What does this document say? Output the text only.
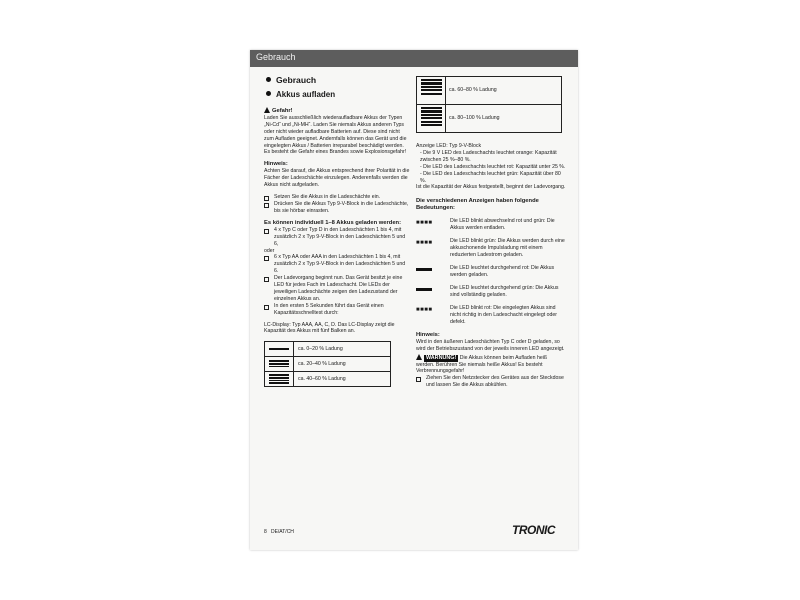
Gebrauch
Gebrauch
Akkus aufladen
Gefahr!

Laden Sie ausschließlich wiederaufladbare Akkus der Typen „Ni-Cd“ und „Ni-MH“. Laden Sie niemals Akkus anderen Typs oder nicht wieder aufladbare Batterien auf. Diese sind nicht zum Aufladen geeignet. Andernfalls können das Gerät und die eingelegten Akkus / Batterien irreparabel beschädigt werden. Es besteht die Gefahr eines Brandes sowie Explosionsgefahr!

Hinweis:

Achten Sie darauf, die Akkus entsprechend ihrer Polarität in die Fächer der Ladeschächte einzulegen. Anderenfalls werden die Akkus nicht aufgeladen.

Setzen Sie die Akkus in die Ladeschächte ein.
Drücken Sie die Akkus Typ 9-V-Block in die Ladeschächte, bis sie hörbar einrasten.
Es können individuell 1–8 Akkus geladen werden:
4 x Typ C oder Typ D in den Ladeschächten 1 bis 4, mit zusätzlich 2 x Typ 9-V-Block in den Ladeschächten 5 und 6,

oder

6 x Typ AA oder AAA in den Ladeschächten 1 bis 4, mit zusätzlich 2 x Typ 9-V-Block in den Ladeschächten 5 und 6.
Der Ladevorgang beginnt nun. Das Gerät besitzt je eine LED für jedes Fach im Ladeschacht. Die LEDs der jeweiligen Ladeschächte zeigen den Ladezustand der einzelnen Akkus an.
In den ersten 5 Sekunden führt das Gerät einen Kapazitätsschnelltest durch:

LC-Display: Typ AAA, AA, C, D. Das LC-Display zeigt die Kapazität des Akkus mit fünf Balken an.

ca. 0–20 % Ladung
ca. 20–40 % Ladung
ca. 40–60 % Ladung
ca. 60–80 % Ladung
ca. 80–100 % Ladung

Anzeige LED: Typ 9-V-Block

- Die 9 V LED des Ladeschachts leuchtet orange: Kapazität zwischen 25 %–80 %.

- Die LED des Ladeschachts leuchtet rot: Kapazität unter 25 %.

- Die LED des Ladeschachts leuchtet grün: Kapazität über 80 %.

Ist die Kapazität der Akkus festgestellt, beginnt der Ladevorgang.

Die verschiedenen Anzeigen haben folgende Bedeutungen:
■■■■	Die LED blinkt abwechselnd rot und grün: Die Akkus werden entladen.
■■■■	Die LED blinkt grün: Die Akkus werden durch eine akkuschonende Impulsladung mit einem reduzierten Ladestrom geladen.
Die LED leuchtet durchgehend rot: Die Akkus werden geladen.
Die LED leuchtet durchgehend grün: Die Akkus sind vollständig geladen.
■■■■	Die LED blinkt rot: Die eingelegten Akkus sind nicht richtig in den Ladeschacht eingelegt oder defekt.
Hinweis:

Wird in den äußeren Ladeschächten Typ C oder D geladen, so wird der Betriebszustand von der jeweils inneren LED angezeigt.

WARNUNG! Die Akkus können beim Aufladen heiß werden. Berühren Sie niemals heiße Akkus! Es besteht Verbrennungsgefahr!

Ziehen Sie den Netzstecker des Gerätes aus der Steckdose und lassen Sie die Akkus abkühlen.
8 DE/AT/CH	TRONIC
